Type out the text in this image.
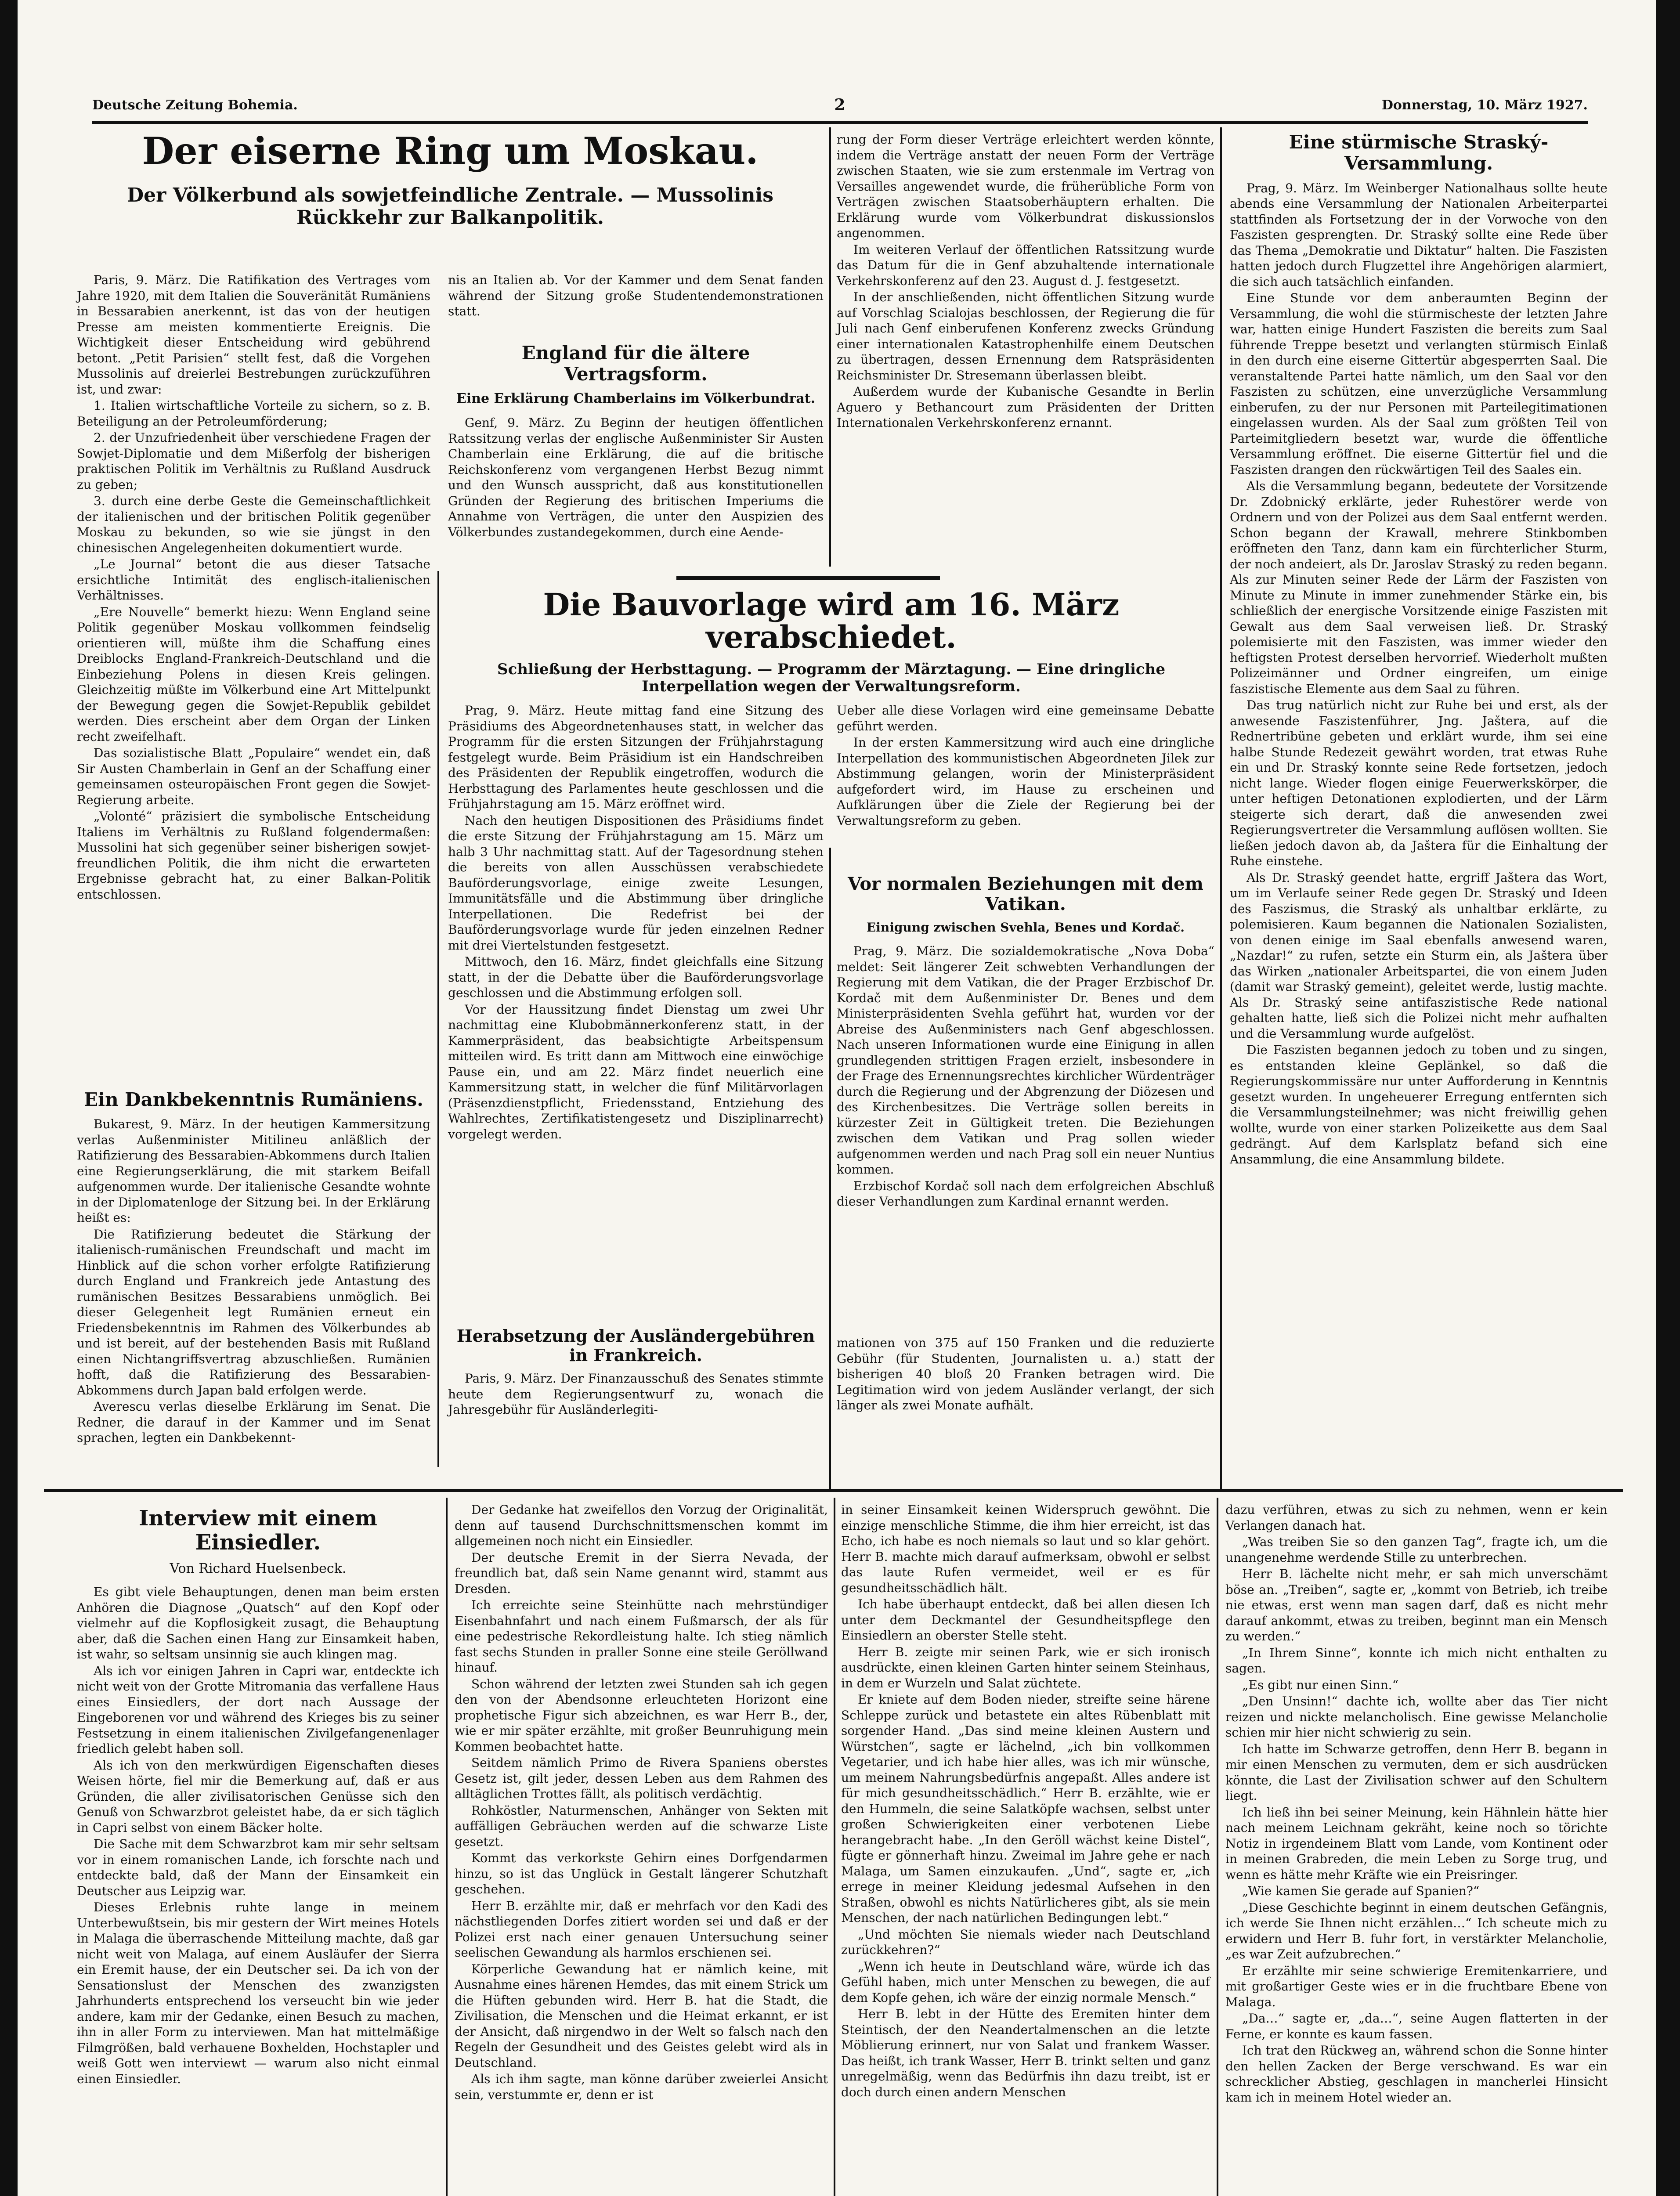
Deutsche Zeitung Bohemia.	2	Donnerstag, 10. März 1927.
Der eiserne Ring um Moskau.
Der Völkerbund als sowjetfeindliche Zentrale. — Mussolinis Rückkehr zur Balkanpolitik.

Paris, 9. März. Die Ratifikation des Vertrages vom Jahre 1920, mit dem Italien die Souveränität Rumäniens in Bessarabien anerkennt, ist das von der heutigen Presse am meisten kommentierte Ereignis. Die Wichtigkeit dieser Entscheidung wird gebührend betont. „Petit Parisien“ stellt fest, daß die Vorgehen Mussolinis auf dreierlei Bestrebungen zurückzuführen ist, und zwar:

1. Italien wirtschaftliche Vorteile zu sichern, so z. B. Beteiligung an der Petroleumförderung;

2. der Unzufriedenheit über verschiedene Fragen der Sowjet-Diplomatie und dem Mißerfolg der bisherigen praktischen Politik im Verhältnis zu Rußland Ausdruck zu geben;

3. durch eine derbe Geste die Gemeinschaftlichkeit der italienischen und der britischen Politik gegenüber Moskau zu bekunden, so wie sie jüngst in den chinesischen Angelegenheiten dokumentiert wurde.

„Le Journal“ betont die aus dieser Tatsache ersichtliche Intimität des englisch-italienischen Verhältnisses.

„Ere Nouvelle“ bemerkt hiezu: Wenn England seine Politik gegenüber Moskau vollkommen feindselig orientieren will, müßte ihm die Schaffung eines Dreiblocks England-Frankreich-Deutschland und die Einbeziehung Polens in diesen Kreis gelingen. Gleichzeitig müßte im Völkerbund eine Art Mittelpunkt der Bewegung gegen die Sowjet-Republik gebildet werden. Dies erscheint aber dem Organ der Linken recht zweifelhaft.

Das sozialistische Blatt „Populaire“ wendet ein, daß Sir Austen Chamberlain in Genf an der Schaffung einer gemeinsamen osteuropäischen Front gegen die Sowjet-Regierung arbeite.

„Volonté“ präzisiert die symbolische Entscheidung Italiens im Verhältnis zu Rußland folgendermaßen: Mussolini hat sich gegenüber seiner bisherigen sowjet-freundlichen Politik, die ihm nicht die erwarteten Ergebnisse gebracht hat, zu einer Balkan-Politik entschlossen.

Ein Dankbekenntnis Rumäniens.

Bukarest, 9. März. In der heutigen Kammersitzung verlas Außenminister Mitilineu anläßlich der Ratifizierung des Bessarabien-Abkommens durch Italien eine Regierungserklärung, die mit starkem Beifall aufgenommen wurde. Der italienische Gesandte wohnte in der Diplomatenloge der Sitzung bei. In der Erklärung heißt es:

Die Ratifizierung bedeutet die Stärkung der italienisch-rumänischen Freundschaft und macht im Hinblick auf die schon vorher erfolgte Ratifizierung durch England und Frankreich jede Antastung des rumänischen Besitzes Bessarabiens unmöglich. Bei dieser Gelegenheit legt Rumänien erneut ein Friedensbekenntnis im Rahmen des Völkerbundes ab und ist bereit, auf der bestehenden Basis mit Rußland einen Nichtangriffsvertrag abzuschließen. Rumänien hofft, daß die Ratifizierung des Bessarabien-Abkommens durch Japan bald erfolgen werde.

Averescu verlas dieselbe Erklärung im Senat. Die Redner, die darauf in der Kammer und im Senat sprachen, legten ein Dankbekennt-

nis an Italien ab. Vor der Kammer und dem Senat fanden während der Sitzung große Studentendemonstrationen statt.

England für die ältere Vertragsform.
Eine Erklärung Chamberlains im Völkerbundrat.

Genf, 9. März. Zu Beginn der heutigen öffentlichen Ratssitzung verlas der englische Außenminister Sir Austen Chamberlain eine Erklärung, die auf die britische Reichskonferenz vom vergangenen Herbst Bezug nimmt und den Wunsch ausspricht, daß aus konstitutionellen Gründen der Regierung des britischen Imperiums die Annahme von Verträgen, die unter den Auspizien des Völkerbundes zustandegekommen, durch eine Aende-

rung der Form dieser Verträge erleichtert werden könnte, indem die Verträge anstatt der neuen Form der Verträge zwischen Staaten, wie sie zum erstenmale im Vertrag von Versailles angewendet wurde, die früherübliche Form von Verträgen zwischen Staatsoberhäuptern erhalten. Die Erklärung wurde vom Völkerbundrat diskussionslos angenommen.

Im weiteren Verlauf der öffentlichen Ratssitzung wurde das Datum für die in Genf abzuhaltende internationale Verkehrskonferenz auf den 23. August d. J. festgesetzt.

In der anschließenden, nicht öffentlichen Sitzung wurde auf Vorschlag Scialojas beschlossen, der Regierung die für Juli nach Genf einberufenen Konferenz zwecks Gründung einer internationalen Katastrophenhilfe einem Deutschen zu übertragen, dessen Ernennung dem Ratspräsidenten Reichsminister Dr. Stresemann überlassen bleibt.

Außerdem wurde der Kubanische Gesandte in Berlin Aguero y Bethancourt zum Präsidenten der Dritten Internationalen Verkehrskonferenz ernannt.

Die Bauvorlage wird am 16. März verabschiedet.
Schließung der Herbsttagung. — Programm der Märztagung. — Eine dringliche Interpellation wegen der Verwaltungsreform.

Prag, 9. März. Heute mittag fand eine Sitzung des Präsidiums des Abgeordnetenhauses statt, in welcher das Programm für die ersten Sitzungen der Frühjahrstagung festgelegt wurde. Beim Präsidium ist ein Handschreiben des Präsidenten der Republik eingetroffen, wodurch die Herbsttagung des Parlamentes heute geschlossen und die Frühjahrstagung am 15. März eröffnet wird.

Nach den heutigen Dispositionen des Präsidiums findet die erste Sitzung der Frühjahrstagung am 15. März um halb 3 Uhr nachmittag statt. Auf der Tagesordnung stehen die bereits von allen Ausschüssen verabschiedete Bauförderungsvorlage, einige zweite Lesungen, Immunitätsfälle und die Abstimmung über dringliche Interpellationen. Die Redefrist bei der Bauförderungsvorlage wurde für jeden einzelnen Redner mit drei Viertelstunden festgesetzt.

Mittwoch, den 16. März, findet gleichfalls eine Sitzung statt, in der die Debatte über die Bauförderungsvorlage geschlossen und die Abstimmung erfolgen soll.

Vor der Haussitzung findet Dienstag um zwei Uhr nachmittag eine Klubobmännerkonferenz statt, in der Kammerpräsident, das beabsichtigte Arbeitspensum mitteilen wird. Es tritt dann am Mittwoch eine einwöchige Pause ein, und am 22. März findet neuerlich eine Kammersitzung statt, in welcher die fünf Militärvorlagen (Präsenzdienstpflicht, Friedensstand, Entziehung des Wahlrechtes, Zertifikatistengesetz und Disziplinarrecht) vorgelegt werden.

Ueber alle diese Vorlagen wird eine gemeinsame Debatte geführt werden.

In der ersten Kammersitzung wird auch eine dringliche Interpellation des kommunistischen Abgeordneten Jilek zur Abstimmung gelangen, worin der Ministerpräsident aufgefordert wird, im Hause zu erscheinen und Aufklärungen über die Ziele der Regierung bei der Verwaltungsreform zu geben.

Vor normalen Beziehungen mit dem Vatikan.
Einigung zwischen Svehla, Benes und Kordač.

Prag, 9. März. Die sozialdemokratische „Nova Doba“ meldet: Seit längerer Zeit schwebten Verhandlungen der Regierung mit dem Vatikan, die der Prager Erzbischof Dr. Kordač mit dem Außenminister Dr. Benes und dem Ministerpräsidenten Svehla geführt hat, wurden vor der Abreise des Außenministers nach Genf abgeschlossen. Nach unseren Informationen wurde eine Einigung in allen grundlegenden strittigen Fragen erzielt, insbesondere in der Frage des Ernennungsrechtes kirchlicher Würdenträger durch die Regierung und der Abgrenzung der Diözesen und des Kirchenbesitzes. Die Verträge sollen bereits in kürzester Zeit in Gültigkeit treten. Die Beziehungen zwischen dem Vatikan und Prag sollen wieder aufgenommen werden und nach Prag soll ein neuer Nuntius kommen.

Erzbischof Kordač soll nach dem erfolgreichen Abschluß dieser Verhandlungen zum Kardinal ernannt werden.

Herabsetzung der Ausländergebühren in Frankreich.

Paris, 9. März. Der Finanzausschuß des Senates stimmte heute dem Regierungsentwurf zu, wonach die Jahresgebühr für Ausländerlegiti-

mationen von 375 auf 150 Franken und die reduzierte Gebühr (für Studenten, Journalisten u. a.) statt der bisherigen 40 bloß 20 Franken betragen wird. Die Legitimation wird von jedem Ausländer verlangt, der sich länger als zwei Monate aufhält.

Eine stürmische Straský-Versammlung.

Prag, 9. März. Im Weinberger Nationalhaus sollte heute abends eine Versammlung der Nationalen Arbeiterpartei stattfinden als Fortsetzung der in der Vorwoche von den Faszisten gesprengten. Dr. Straský sollte eine Rede über das Thema „Demokratie und Diktatur“ halten. Die Faszisten hatten jedoch durch Flugzettel ihre Angehörigen alarmiert, die sich auch tatsächlich einfanden.

Eine Stunde vor dem anberaumten Beginn der Versammlung, die wohl die stürmischeste der letzten Jahre war, hatten einige Hundert Faszisten die bereits zum Saal führende Treppe besetzt und verlangten stürmisch Einlaß in den durch eine eiserne Gittertür abgesperrten Saal. Die veranstaltende Partei hatte nämlich, um den Saal vor den Faszisten zu schützen, eine unverzügliche Versammlung einberufen, zu der nur Personen mit Parteilegitimationen eingelassen wurden. Als der Saal zum größten Teil von Parteimitgliedern besetzt war, wurde die öffentliche Versammlung eröffnet. Die eiserne Gittertür fiel und die Faszisten drangen den rückwärtigen Teil des Saales ein.

Als die Versammlung begann, bedeutete der Vorsitzende Dr. Zdobnický erklärte, jeder Ruhestörer werde von Ordnern und von der Polizei aus dem Saal entfernt werden. Schon begann der Krawall, mehrere Stinkbomben eröffneten den Tanz, dann kam ein fürchterlicher Sturm, der noch andeiert, als Dr. Jaroslav Straský zu reden begann. Als zur Minuten seiner Rede der Lärm der Faszisten von Minute zu Minute in immer zunehmender Stärke ein, bis schließlich der energische Vorsitzende einige Faszisten mit Gewalt aus dem Saal verweisen ließ. Dr. Straský polemisierte mit den Faszisten, was immer wieder den heftigsten Protest derselben hervorrief. Wiederholt mußten Polizeimänner und Ordner eingreifen, um einige faszistische Elemente aus dem Saal zu führen.

Das trug natürlich nicht zur Ruhe bei und erst, als der anwesende Faszistenführer, Jng. Jaštera, auf die Rednertribüne gebeten und erklärt wurde, ihm sei eine halbe Stunde Redezeit gewährt worden, trat etwas Ruhe ein und Dr. Straský konnte seine Rede fortsetzen, jedoch nicht lange. Wieder flogen einige Feuerwerkskörper, die unter heftigen Detonationen explodierten, und der Lärm steigerte sich derart, daß die anwesenden zwei Regierungsvertreter die Versammlung auflösen wollten. Sie ließen jedoch davon ab, da Jaštera für die Einhaltung der Ruhe einstehe.

Als Dr. Straský geendet hatte, ergriff Jaštera das Wort, um im Verlaufe seiner Rede gegen Dr. Straský und Ideen des Faszismus, die Straský als unhaltbar erklärte, zu polemisieren. Kaum begannen die Nationalen Sozialisten, von denen einige im Saal ebenfalls anwesend waren, „Nazdar!“ zu rufen, setzte ein Sturm ein, als Jaštera über das Wirken „nationaler Arbeitspartei, die von einem Juden (damit war Straský gemeint), geleitet werde, lustig machte. Als Dr. Straský seine antifaszistische Rede national gehalten hatte, ließ sich die Polizei nicht mehr aufhalten und die Versammlung wurde aufgelöst.

Die Faszisten begannen jedoch zu toben und zu singen, es entstanden kleine Geplänkel, so daß die Regierungskommissäre nur unter Aufforderung in Kenntnis gesetzt wurden. In ungeheuerer Erregung entfernten sich die Versammlungsteilnehmer; was nicht freiwillig gehen wollte, wurde von einer starken Polizeikette aus dem Saal gedrängt. Auf dem Karlsplatz befand sich eine Ansammlung, die eine Ansammlung bildete.

Interview mit einem Einsiedler.
Von Richard Huelsenbeck.

Es gibt viele Behauptungen, denen man beim ersten Anhören die Diagnose „Quatsch“ auf den Kopf oder vielmehr auf die Kopflosigkeit zusagt, die Behauptung aber, daß die Sachen einen Hang zur Einsamkeit haben, ist wahr, so seltsam unsinnig sie auch klingen mag.

Als ich vor einigen Jahren in Capri war, entdeckte ich nicht weit von der Grotte Mitromania das verfallene Haus eines Einsiedlers, der dort nach Aussage der Eingeborenen vor und während des Krieges bis zu seiner Festsetzung in einem italienischen Zivilgefangenenlager friedlich gelebt haben soll.

Als ich von den merkwürdigen Eigenschaften dieses Weisen hörte, fiel mir die Bemerkung auf, daß er aus Gründen, die aller zivilisatorischen Genüsse sich den Genuß von Schwarzbrot geleistet habe, da er sich täglich in Capri selbst von einem Bäcker holte.

Die Sache mit dem Schwarzbrot kam mir sehr seltsam vor in einem romanischen Lande, ich forschte nach und entdeckte bald, daß der Mann der Einsamkeit ein Deutscher aus Leipzig war.

Dieses Erlebnis ruhte lange in meinem Unterbewußtsein, bis mir gestern der Wirt meines Hotels in Malaga die überraschende Mitteilung machte, daß gar nicht weit von Malaga, auf einem Ausläufer der Sierra ein Eremit hause, der ein Deutscher sei. Da ich von der Sensationslust der Menschen des zwanzigsten Jahrhunderts entsprechend los verseucht bin wie jeder andere, kam mir der Gedanke, einen Besuch zu machen, ihn in aller Form zu interviewen. Man hat mittelmäßige Filmgrößen, bald verhauene Boxhelden, Hochstapler und weiß Gott wen interviewt — warum also nicht einmal einen Einsiedler.

Der Gedanke hat zweifellos den Vorzug der Originalität, denn auf tausend Durchschnittsmenschen kommt im allgemeinen noch nicht ein Einsiedler.

Der deutsche Eremit in der Sierra Nevada, der freundlich bat, daß sein Name genannt wird, stammt aus Dresden.

Ich erreichte seine Steinhütte nach mehrstündiger Eisenbahnfahrt und nach einem Fußmarsch, der als für eine pedestrische Rekordleistung halte. Ich stieg nämlich fast sechs Stunden in praller Sonne eine steile Geröllwand hinauf.

Schon während der letzten zwei Stunden sah ich gegen den von der Abendsonne erleuchteten Horizont eine prophetische Figur sich abzeichnen, es war Herr B., der, wie er mir später erzählte, mit großer Beunruhigung mein Kommen beobachtet hatte.

Seitdem nämlich Primo de Rivera Spaniens oberstes Gesetz ist, gilt jeder, dessen Leben aus dem Rahmen des alltäglichen Trottes fällt, als politisch verdächtig.

Rohköstler, Naturmenschen, Anhänger von Sekten mit auffälligen Gebräuchen werden auf die schwarze Liste gesetzt.

Kommt das verkorkste Gehirn eines Dorfgendarmen hinzu, so ist das Unglück in Gestalt längerer Schutzhaft geschehen.

Herr B. erzählte mir, daß er mehrfach vor den Kadi des nächstliegenden Dorfes zitiert worden sei und daß er der Polizei erst nach einer genauen Untersuchung seiner seelischen Gewandung als harmlos erschienen sei.

Körperliche Gewandung hat er nämlich keine, mit Ausnahme eines härenen Hemdes, das mit einem Strick um die Hüften gebunden wird. Herr B. hat die Stadt, die Zivilisation, die Menschen und die Heimat erkannt, er ist der Ansicht, daß nirgendwo in der Welt so falsch nach den Regeln der Gesundheit und des Geistes gelebt wird als in Deutschland.

Als ich ihm sagte, man könne darüber zweierlei Ansicht sein, verstummte er, denn er ist

in seiner Einsamkeit keinen Widerspruch gewöhnt. Die einzige menschliche Stimme, die ihm hier erreicht, ist das Echo, ich habe es noch niemals so laut und so klar gehört. Herr B. machte mich darauf aufmerksam, obwohl er selbst das laute Rufen vermeidet, weil er es für gesundheitsschädlich hält.

Ich habe überhaupt entdeckt, daß bei allen diesen Ich unter dem Deckmantel der Gesundheitspflege den Einsiedlern an oberster Stelle steht.

Herr B. zeigte mir seinen Park, wie er sich ironisch ausdrückte, einen kleinen Garten hinter seinem Steinhaus, in dem er Wurzeln und Salat züchtete.

Er kniete auf dem Boden nieder, streifte seine härene Schleppe zurück und betastete ein altes Rübenblatt mit sorgender Hand. „Das sind meine kleinen Austern und Würstchen“, sagte er lächelnd, „ich bin vollkommen Vegetarier, und ich habe hier alles, was ich mir wünsche, um meinem Nahrungsbedürfnis angepaßt. Alles andere ist für mich gesundheitsschädlich.“ Herr B. erzählte, wie er den Hummeln, die seine Salatköpfe wachsen, selbst unter großen Schwierigkeiten einer verbotenen Liebe herangebracht habe. „In den Geröll wächst keine Distel“, fügte er gönnerhaft hinzu. Zweimal im Jahre gehe er nach Malaga, um Samen einzukaufen. „Und“, sagte er, „ich errege in meiner Kleidung jedesmal Aufsehen in den Straßen, obwohl es nichts Natürlicheres gibt, als sie mein Menschen, der nach natürlichen Bedingungen lebt.“

„Und möchten Sie niemals wieder nach Deutschland zurückkehren?“

„Wenn ich heute in Deutschland wäre, würde ich das Gefühl haben, mich unter Menschen zu bewegen, die auf dem Kopfe gehen, ich wäre der einzig normale Mensch.“

Herr B. lebt in der Hütte des Eremiten hinter dem Steintisch, der den Neandertalmenschen an die letzte Möblierung erinnert, nur von Salat und frankem Wasser. Das heißt, ich trank Wasser, Herr B. trinkt selten und ganz unregelmäßig, wenn das Bedürfnis ihn dazu treibt, ist er doch durch einen andern Menschen

dazu verführen, etwas zu sich zu nehmen, wenn er kein Verlangen danach hat.

„Was treiben Sie so den ganzen Tag“, fragte ich, um die unangenehme werdende Stille zu unterbrechen.

Herr B. lächelte nicht mehr, er sah mich unverschämt böse an. „Treiben“, sagte er, „kommt von Betrieb, ich treibe nie etwas, erst wenn man sagen darf, daß es nicht mehr darauf ankommt, etwas zu treiben, beginnt man ein Mensch zu werden.“

„In Ihrem Sinne“, konnte ich mich nicht enthalten zu sagen.

„Es gibt nur einen Sinn.“

„Den Unsinn!“ dachte ich, wollte aber das Tier nicht reizen und nickte melancholisch. Eine gewisse Melancholie schien mir hier nicht schwierig zu sein.

Ich hatte im Schwarze getroffen, denn Herr B. begann in mir einen Menschen zu vermuten, dem er sich ausdrücken könnte, die Last der Zivilisation schwer auf den Schultern liegt.

Ich ließ ihn bei seiner Meinung, kein Hähnlein hätte hier nach meinem Leichnam gekräht, keine noch so törichte Notiz in irgendeinem Blatt vom Lande, vom Kontinent oder in meinen Grabreden, die mein Leben zu Sorge trug, und wenn es hätte mehr Kräfte wie ein Preisringer.

„Wie kamen Sie gerade auf Spanien?“

„Diese Geschichte beginnt in einem deutschen Gefängnis, ich werde Sie Ihnen nicht erzählen…“ Ich scheute mich zu erwidern und Herr B. fuhr fort, in verstärkter Melancholie, „es war Zeit aufzubrechen.“

Er erzählte mir seine schwierige Eremitenkarriere, und mit großartiger Geste wies er in die fruchtbare Ebene von Malaga.

„Da…“ sagte er, „da…“, seine Augen flatterten in der Ferne, er konnte es kaum fassen.

Ich trat den Rückweg an, während schon die Sonne hinter den hellen Zacken der Berge verschwand. Es war ein schrecklicher Abstieg, geschlagen in mancherlei Hinsicht kam ich in meinem Hotel wieder an.
